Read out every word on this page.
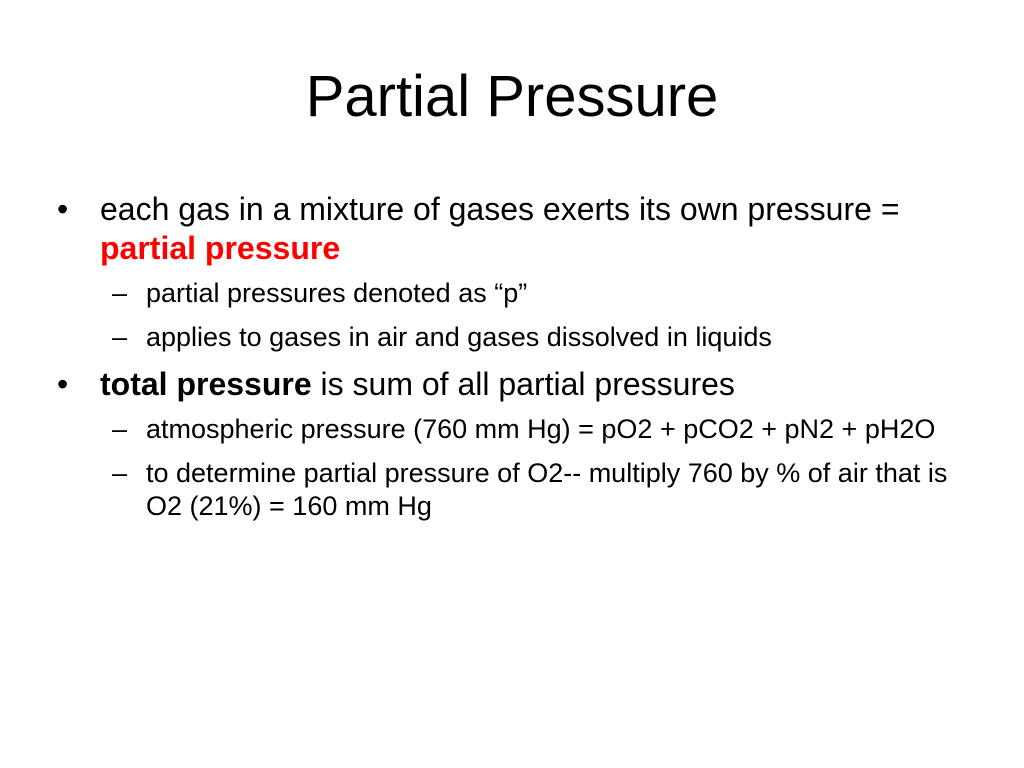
Partial Pressure
• each gas in a mixture of gases exerts its own pressure = partial pressure
– partial pressures denoted as “p”
– applies to gases in air and gases dissolved in liquids
• total pressure is sum of all partial pressures
– atmospheric pressure (760 mm Hg) = pO2 + pCO2 + pN2 + pH2O
– to determine partial pressure of O2-- multiply 760 by % of air that is O2 (21%) = 160 mm Hg
